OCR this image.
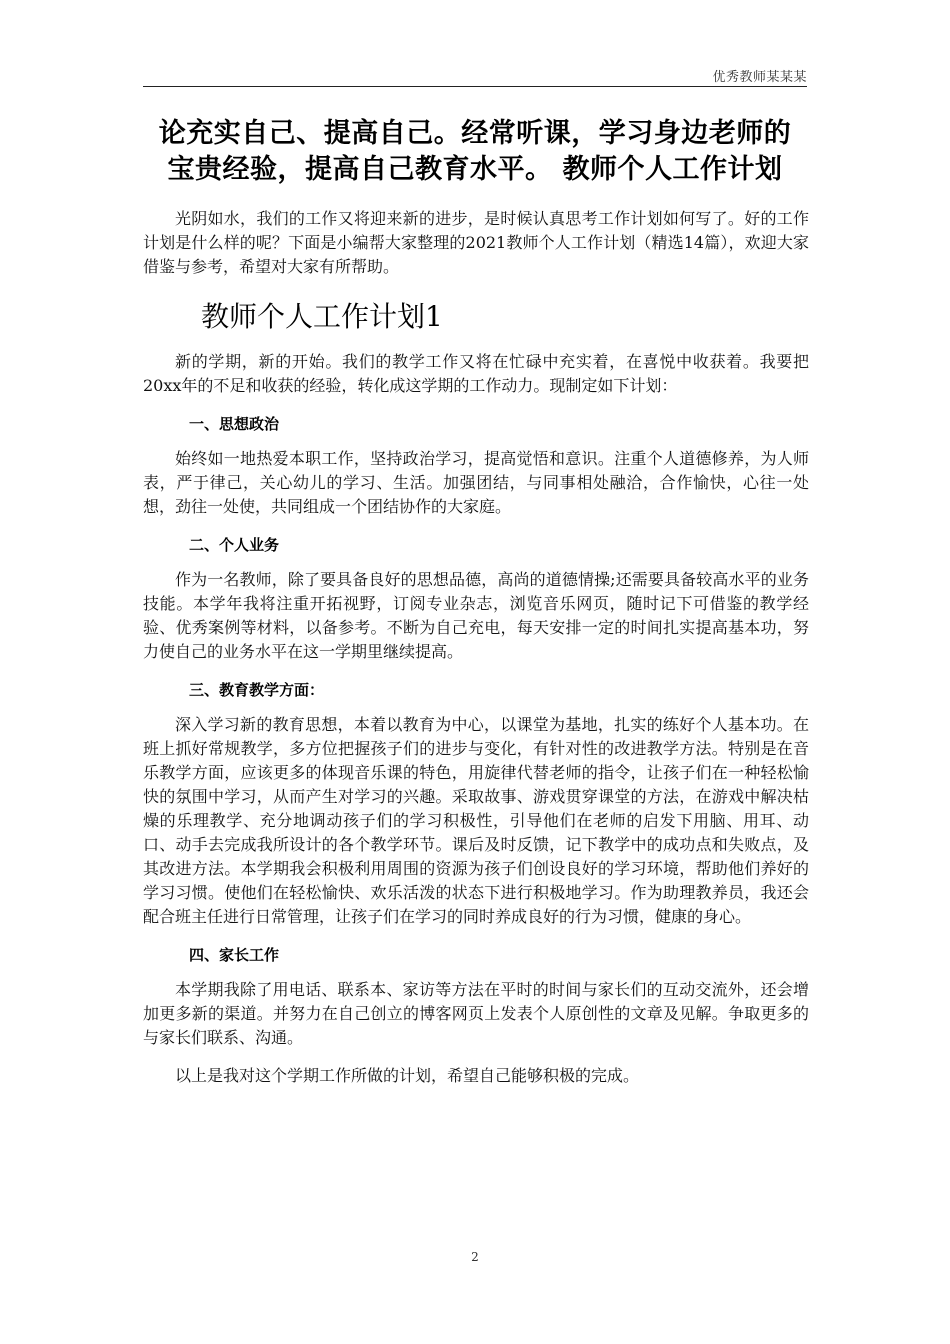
优秀教师某某某
论充实自己、提高自己。经常听课，学习身边老师的
宝贵经验，提高自己教育水平。 教师个人工作计划

光阴如水，我们的工作又将迎来新的进步，是时候认真思考工作计划如何写了。好的工作计划是什么样的呢？下面是小编帮大家整理的2021教师个人工作计划（精选14篇），欢迎大家借鉴与参考，希望对大家有所帮助。

教师个人工作计划1

新的学期，新的开始。我们的教学工作又将在忙碌中充实着，在喜悦中收获着。我要把20xx年的不足和收获的经验，转化成这学期的工作动力。现制定如下计划：

一、思想政治

始终如一地热爱本职工作，坚持政治学习，提高觉悟和意识。注重个人道德修养，为人师表，严于律己，关心幼儿的学习、生活。加强团结，与同事相处融洽，合作愉快，心往一处想，劲往一处使，共同组成一个团结协作的大家庭。

二、个人业务

作为一名教师，除了要具备良好的思想品德，高尚的道德情操;还需要具备较高水平的业务技能。本学年我将注重开拓视野，订阅专业杂志，浏览音乐网页，随时记下可借鉴的教学经验、优秀案例等材料，以备参考。不断为自己充电，每天安排一定的时间扎实提高基本功，努力使自己的业务水平在这一学期里继续提高。

三、教育教学方面：

深入学习新的教育思想，本着以教育为中心，以课堂为基地，扎实的练好个人基本功。在班上抓好常规教学，多方位把握孩子们的进步与变化，有针对性的改进教学方法。特别是在音乐教学方面，应该更多的体现音乐课的特色，用旋律代替老师的指令，让孩子们在一种轻松愉快的氛围中学习，从而产生对学习的兴趣。采取故事、游戏贯穿课堂的方法，在游戏中解决枯燥的乐理教学、充分地调动孩子们的学习积极性，引导他们在老师的启发下用脑、用耳、动口、动手去完成我所设计的各个教学环节。课后及时反馈，记下教学中的成功点和失败点，及其改进方法。本学期我会积极利用周围的资源为孩子们创设良好的学习环境，帮助他们养好的学习习惯。使他们在轻松愉快、欢乐活泼的状态下进行积极地学习。作为助理教养员，我还会配合班主任进行日常管理，让孩子们在学习的同时养成良好的行为习惯，健康的身心。

四、家长工作

本学期我除了用电话、联系本、家访等方法在平时的时间与家长们的互动交流外，还会增加更多新的渠道。并努力在自己创立的博客网页上发表个人原创性的文章及见解。争取更多的与家长们联系、沟通。

以上是我对这个学期工作所做的计划，希望自己能够积极的完成。

2
